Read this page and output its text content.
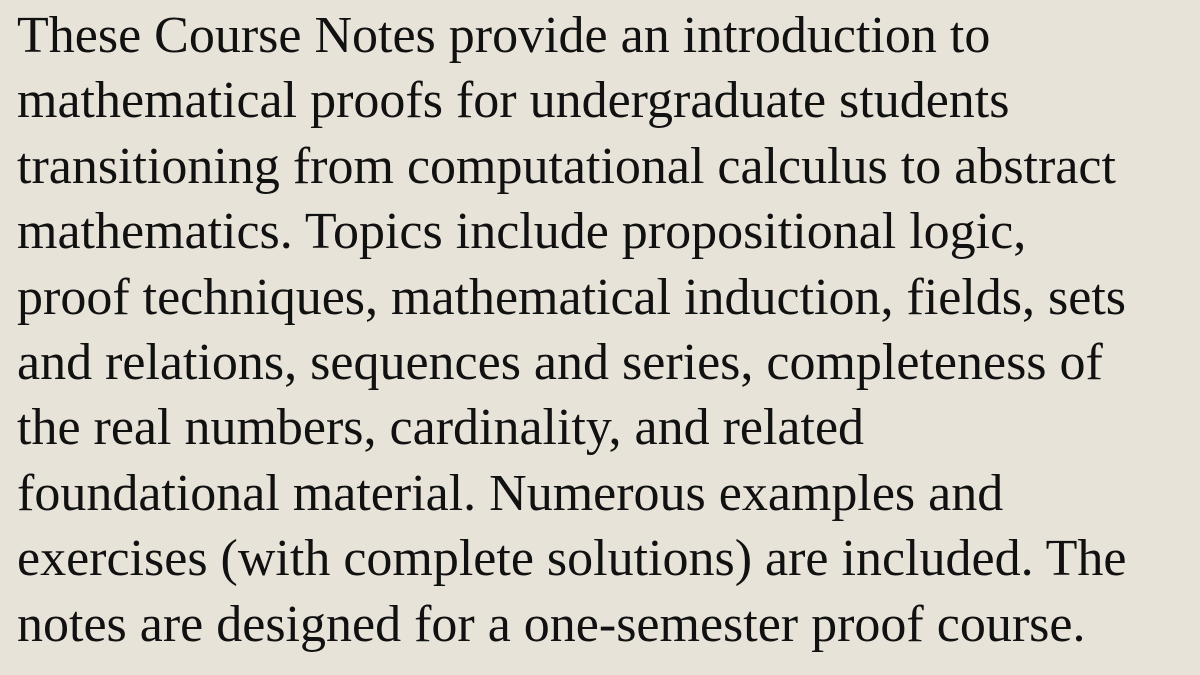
These Course Notes provide an introduction to
mathematical proofs for undergraduate students
transitioning from computational calculus to abstract
mathematics. Topics include propositional logic,
proof techniques, mathematical induction, fields, sets
and relations, sequences and series, completeness of
the real numbers, cardinality, and related
foundational material. Numerous examples and
exercises (with complete solutions) are included. The
notes are designed for a one-semester proof course.
